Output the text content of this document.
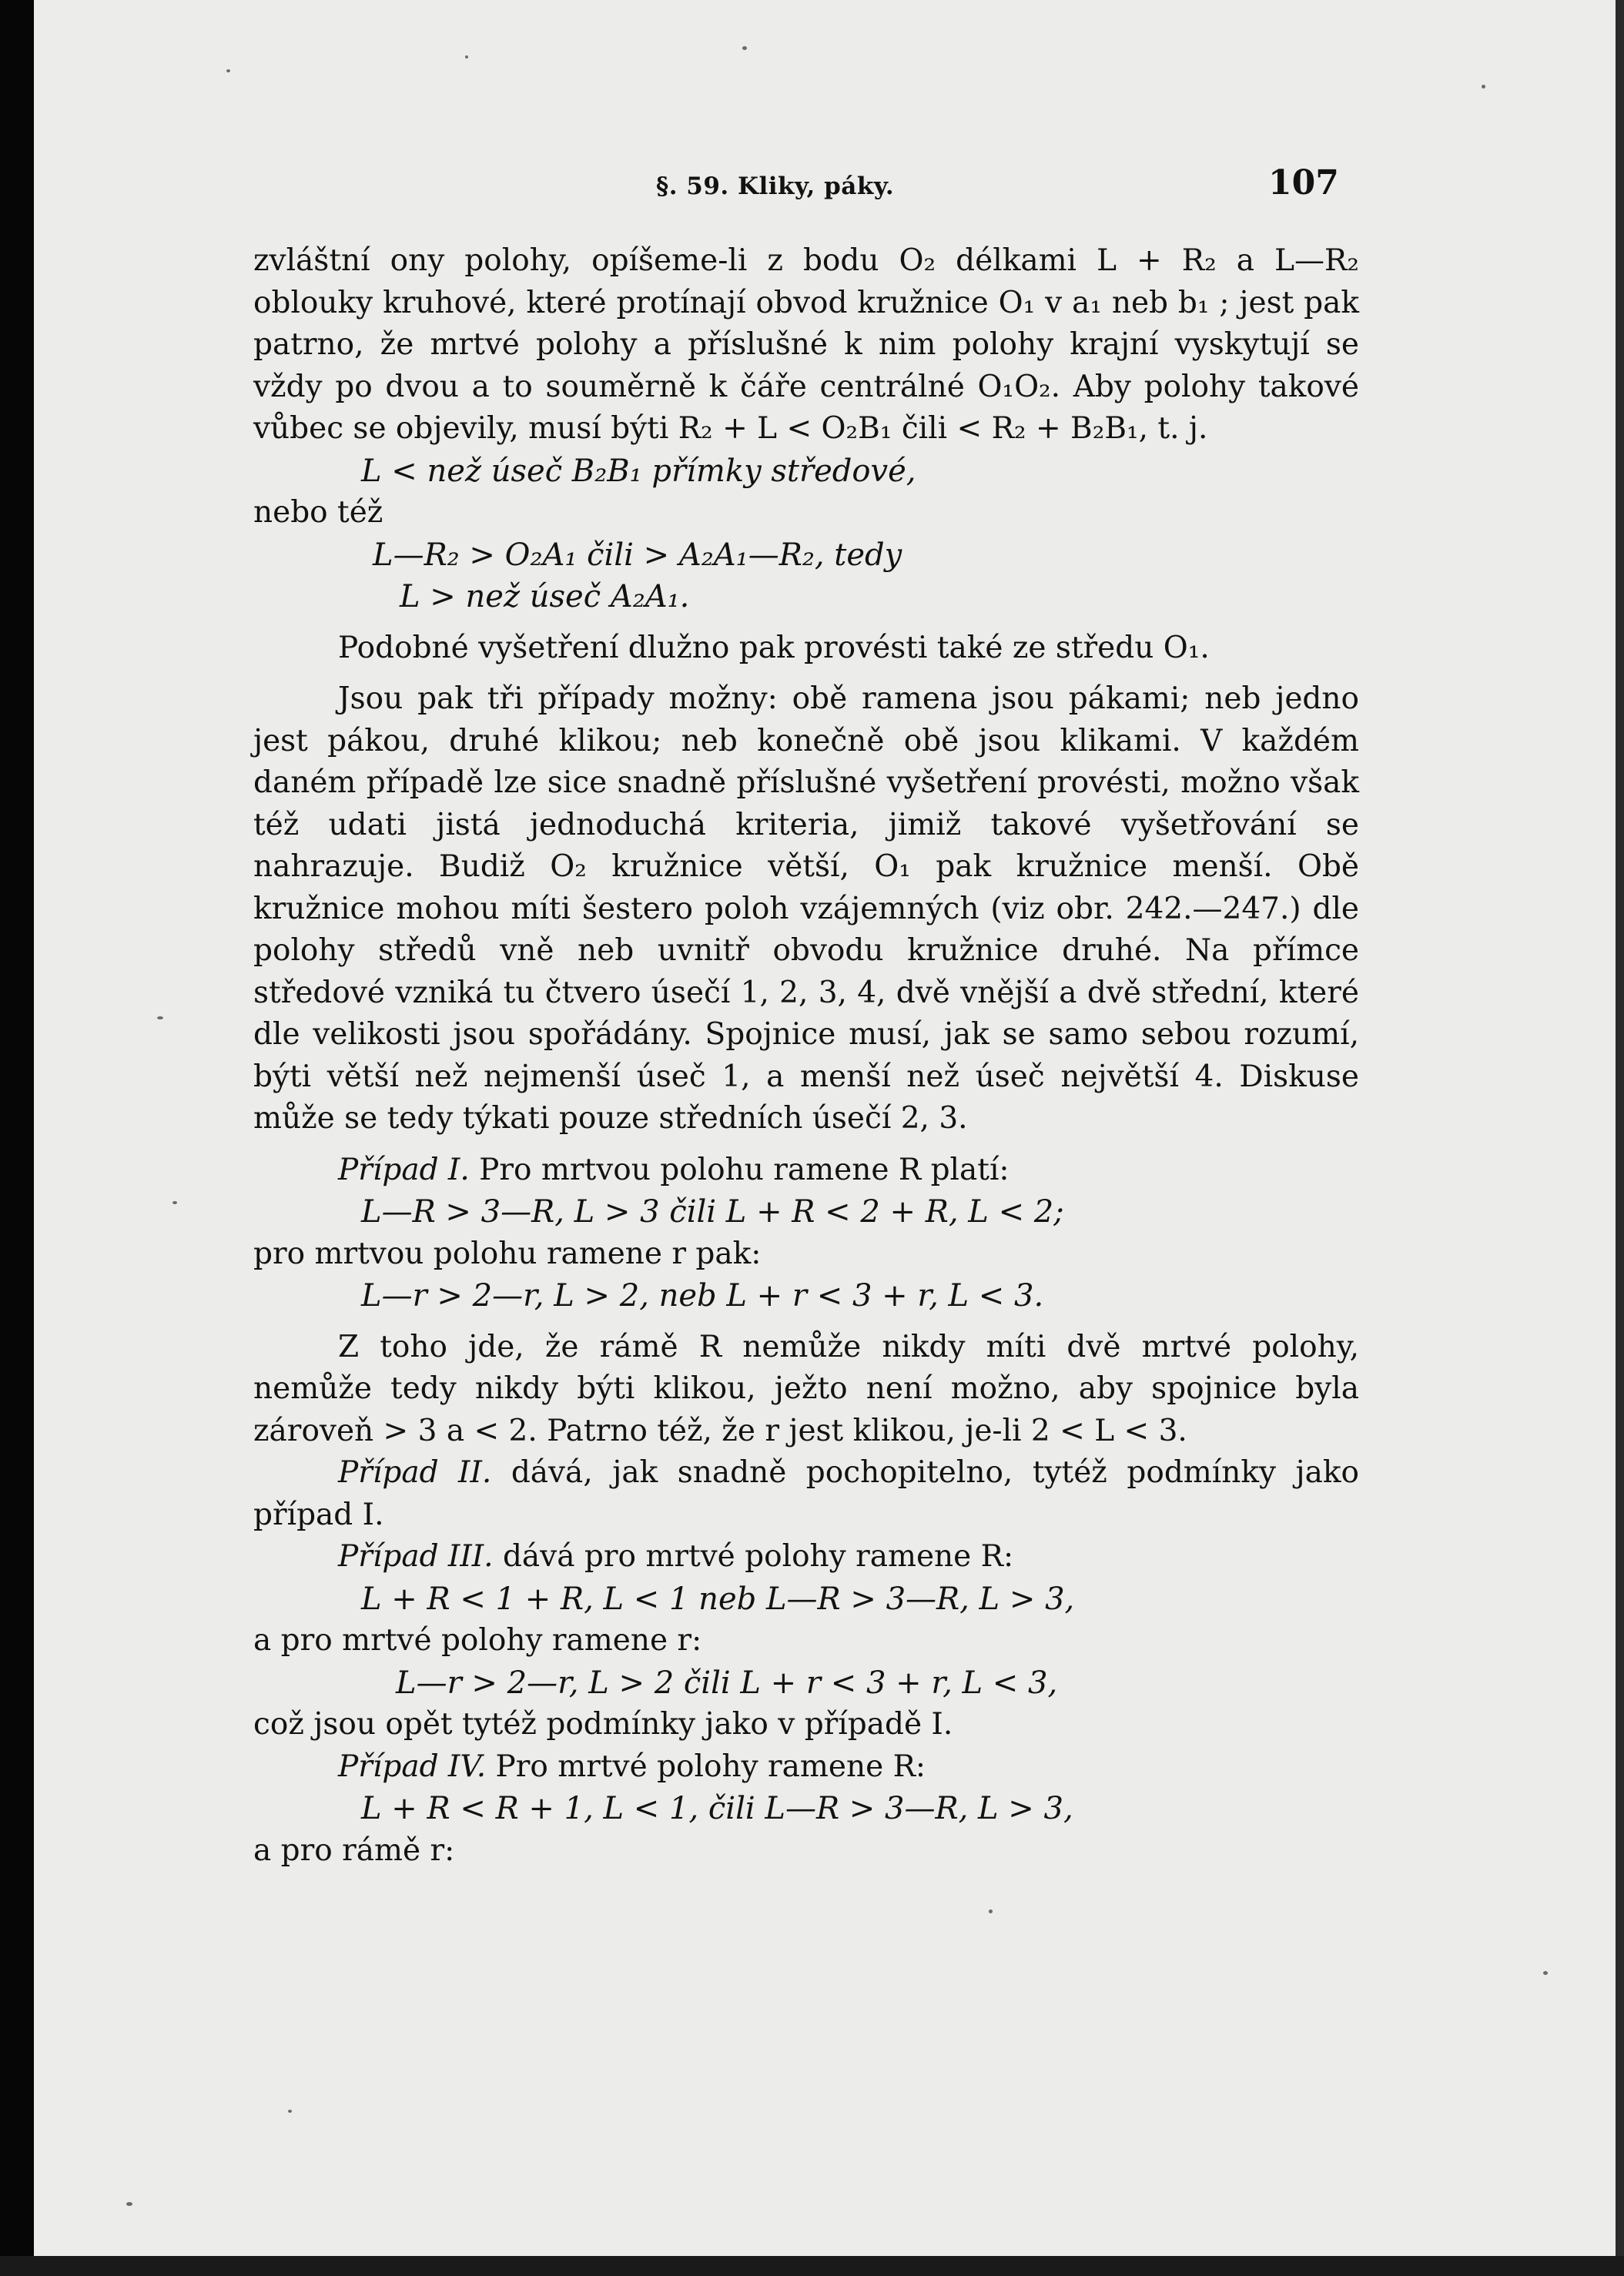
§. 59. Kliky, páky.	107

zvláštní ony polohy, opíšeme-li z bodu O₂ délkami L + R₂ a L—R₂ oblouky kruhové, které protínají obvod kružnice O₁ v a₁ neb b₁ ; jest pak patrno, že mrtvé polohy a příslušné k nim polohy krajní vyskytují se vždy po dvou a to souměrně k čáře centrálné O₁O₂. Aby polohy takové vůbec se objevily, musí býti R₂ + L < O₂B₁ čili < R₂ + B₂B₁, t. j.

L < než úseč B₂B₁ přímky středové,

nebo též

L—R₂ > O₂A₁ čili > A₂A₁—R₂, tedy

L > než úseč A₂A₁.

Podobné vyšetření dlužno pak provésti také ze středu O₁.

Jsou pak tři případy možny: obě ramena jsou pákami; neb jedno jest pákou, druhé klikou; neb konečně obě jsou klikami. V každém daném případě lze sice snadně příslušné vyšetření provésti, možno však též udati jistá jednoduchá kriteria, jimiž takové vyšetřování se nahrazuje. Budiž O₂ kružnice větší, O₁ pak kružnice menší. Obě kružnice mohou míti šestero poloh vzájemných (viz obr. 242.—247.) dle polohy středů vně neb uvnitř obvodu kružnice druhé. Na přímce středové vzniká tu čtvero úsečí 1, 2, 3, 4, dvě vnější a dvě střední, které dle velikosti jsou spořádány. Spojnice musí, jak se samo sebou rozumí, býti větší než nejmenší úseč 1, a menší než úseč největší 4. Diskuse může se tedy týkati pouze středních úsečí 2, 3.

Případ I. Pro mrtvou polohu ramene R platí:

L—R > 3—R, L > 3 čili L + R < 2 + R, L < 2;

pro mrtvou polohu ramene r pak:

L—r > 2—r, L > 2, neb L + r < 3 + r, L < 3.

Z toho jde, že rámě R nemůže nikdy míti dvě mrtvé polohy, nemůže tedy nikdy býti klikou, ježto není možno, aby spojnice byla zároveň > 3 a < 2. Patrno též, že r jest klikou, je-li 2 < L < 3.

Případ II. dává, jak snadně pochopitelno, tytéž podmínky jako případ I.

Případ III. dává pro mrtvé polohy ramene R:

L + R < 1 + R, L < 1 neb L—R > 3—R, L > 3,

a pro mrtvé polohy ramene r:

L—r > 2—r, L > 2 čili L + r < 3 + r, L < 3,

což jsou opět tytéž podmínky jako v případě I.

Případ IV. Pro mrtvé polohy ramene R:

L + R < R + 1, L < 1, čili L—R > 3—R, L > 3,

a pro rámě r:
